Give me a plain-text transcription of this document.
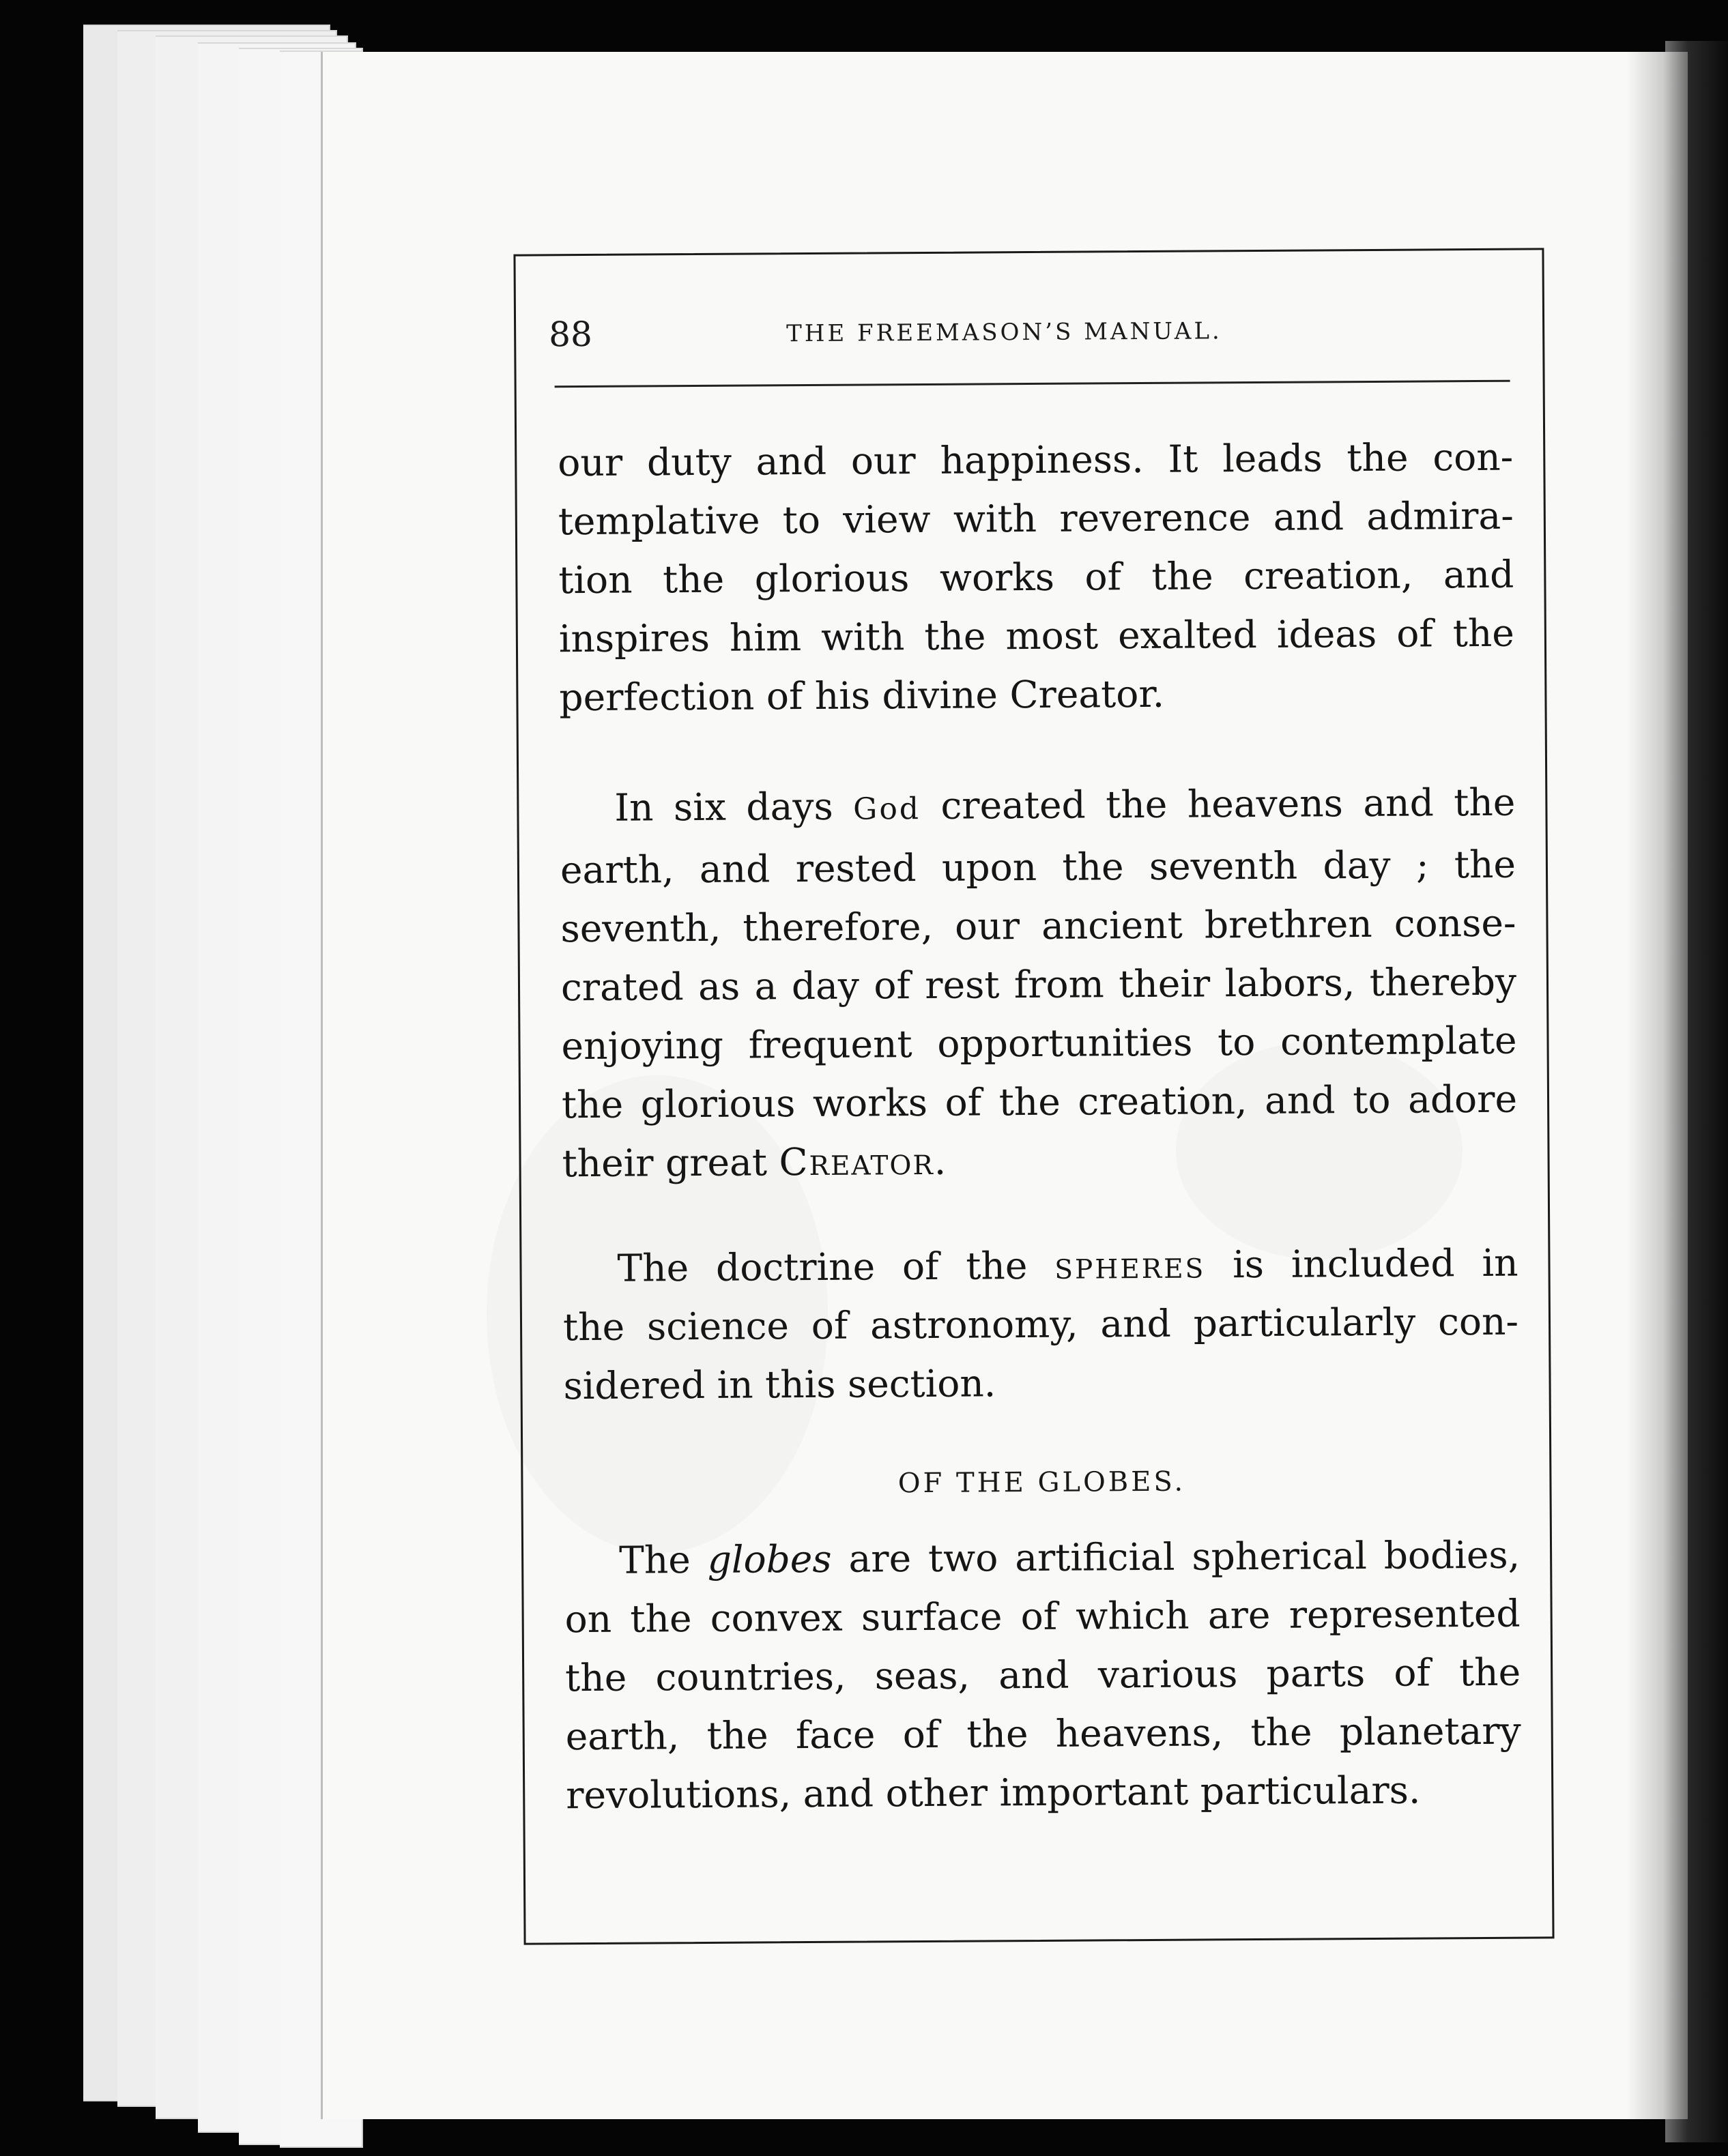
88	THE FREEMASON’S MANUAL.
our duty and our happiness. It leads the con-
templative to view with reverence and admira-
tion the glorious works of the creation, and
inspires him with the most exalted ideas of the
perfection of his divine Creator.
In six days God created the heavens and the
earth, and rested upon the seventh day ; the
seventh, therefore, our ancient brethren conse-
crated as a day of rest from their labors, thereby
enjoying frequent opportunities to contemplate
the glorious works of the creation, and to adore
their great Creator.
The doctrine of the spheres is included in
the science of astronomy, and particularly con-
sidered in this section.
OF THE GLOBES.
The globes are two artificial spherical bodies,
on the convex surface of which are represented
the countries, seas, and various parts of the
earth, the face of the heavens, the planetary
revolutions, and other important particulars.
